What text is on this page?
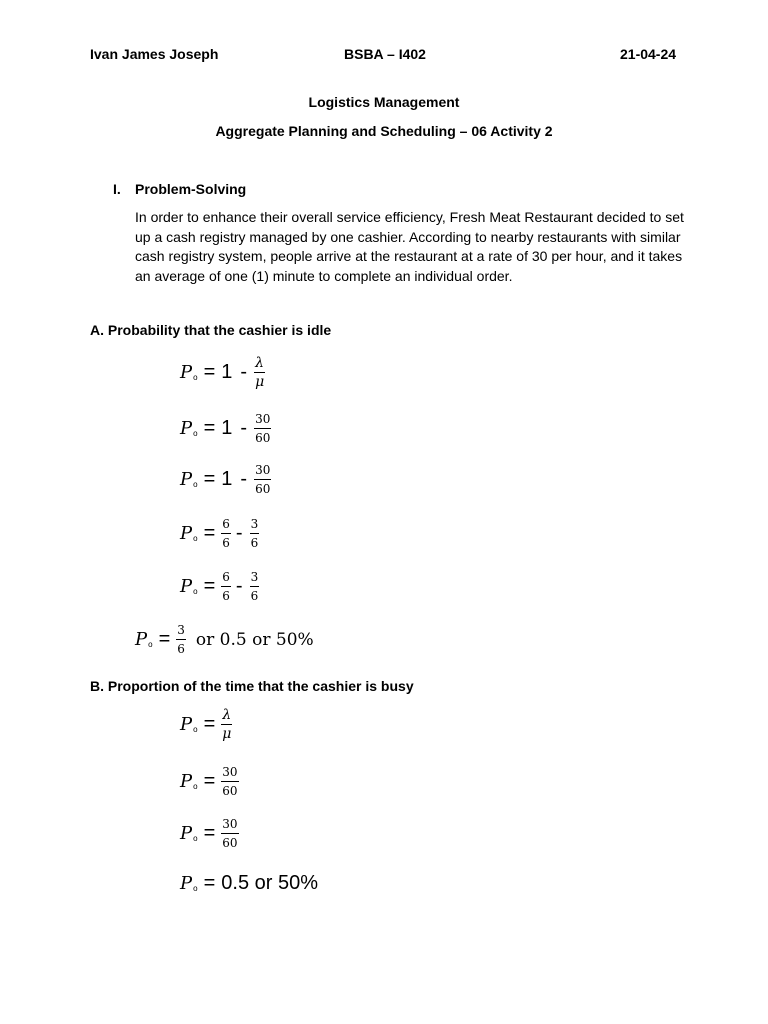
Ivan James Joseph	BSBA – I402	21-04-24
Logistics Management
Aggregate Planning and Scheduling – 06 Activity 2
I. Problem-Solving
In order to enhance their overall service efficiency, Fresh Meat Restaurant decided to set up a cash registry managed by one cashier. According to nearby restaurants with similar cash registry system, people arrive at the restaurant at a rate of 30 per hour, and it takes an average of one (1) minute to complete an individual order.
A. Probability that the cashier is idle
P $o = 1 - \frac{\lambda}{\mu}$
P $o = 1 - \frac{30}{60}$
P $o = 1 - \frac{30}{60}$
P $o = \frac{6}{6} - \frac{3}{6}$
P $o = \frac{6}{6} - \frac{3}{6}$
P $o = \frac{3}{6}$ or 0.5 or 50%
B. Proportion of the time that the cashier is busy
P $o = \frac{\lambda}{\mu}$
P $o = \frac{30}{60}$
P $o = \frac{30}{60}$
P o = 0.5 or 50%
